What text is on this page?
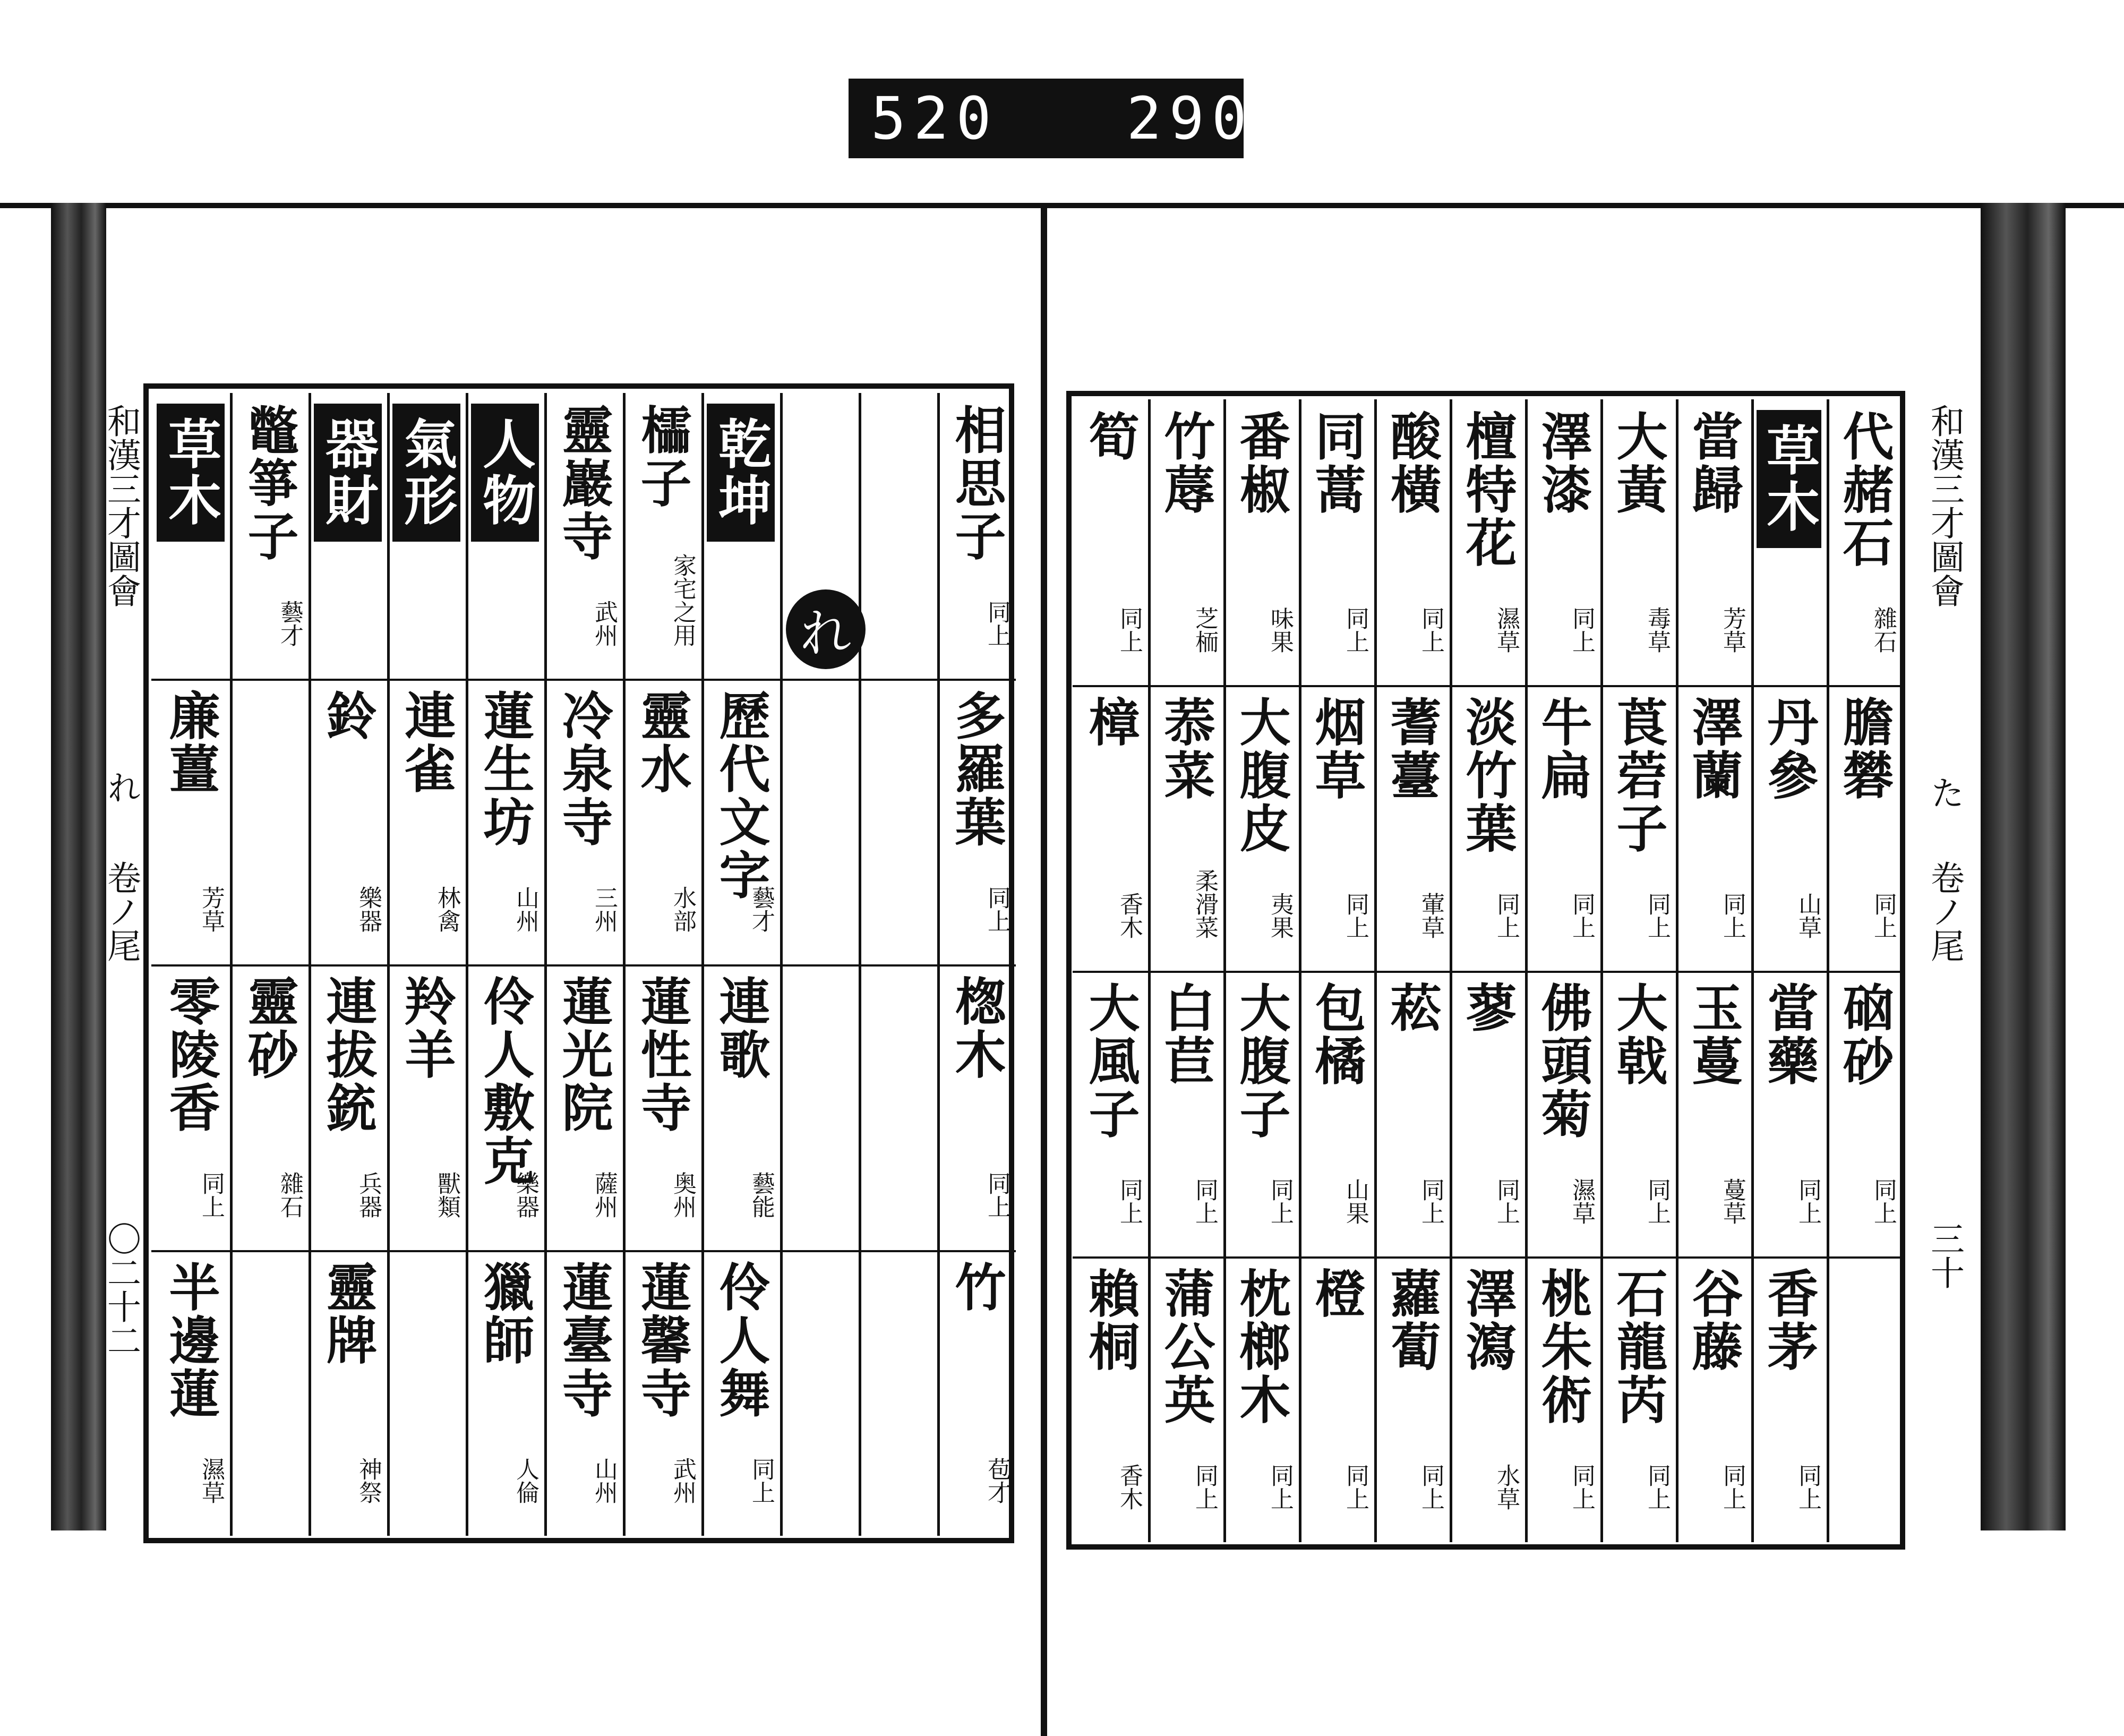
520   290.
和漢三才圖會
れ
卷ノ尾
〇二十二
和漢三才圖會
た
卷ノ尾
三十
れ
草木
廉薑
芳草
零陵香
同上
半邊蓮
濕草
鼈箏子
藝才
靈砂
雜石
器財
鈴
樂器
連拔銃
兵器
靈牌
神祭
氣形
連雀
林禽
羚羊
獸類
人物
蓮生坊
山州
伶人敷克
樂器
獵師
人倫
靈巖寺
武州
冷泉寺
三州
蓮光院
薩州
蓮臺寺
山州
櫺子
家宅之用
靈水
水部
蓮性寺
奥州
蓮馨寺
武州
乾坤
歷代文字
藝才
連歌
藝能
伶人舞
同上
相思子
同上
多羅葉
同上
楤木
同上
竹
苞才
筍
同上
樟
香木
大風子
同上
賴桐
香木
竹蓐
芝栭
菾菜
柔滑菜
白苣
同上
蒲公英
同上
番椒
味果
大腹皮
夷果
大腹子
同上
枕榔木
同上
同蒿
同上
烟草
同上
包橘
山果
橙
同上
酸橫
同上
蓍薹
葷草
菘
同上
蘿蔔
同上
檀特花
濕草
淡竹葉
同上
蓼
同上
澤瀉
水草
澤漆
同上
牛扁
同上
佛頭菊
濕草
桃朱術
同上
大黃
毒草
莨菪子
同上
大戟
同上
石龍芮
同上
當歸
芳草
澤蘭
同上
玉蔓
蔓草
谷藤
同上
草木
丹參
山草
當藥
同上
香茅
同上
代赭石
雜石
膽礬
同上
硇砂
同上
